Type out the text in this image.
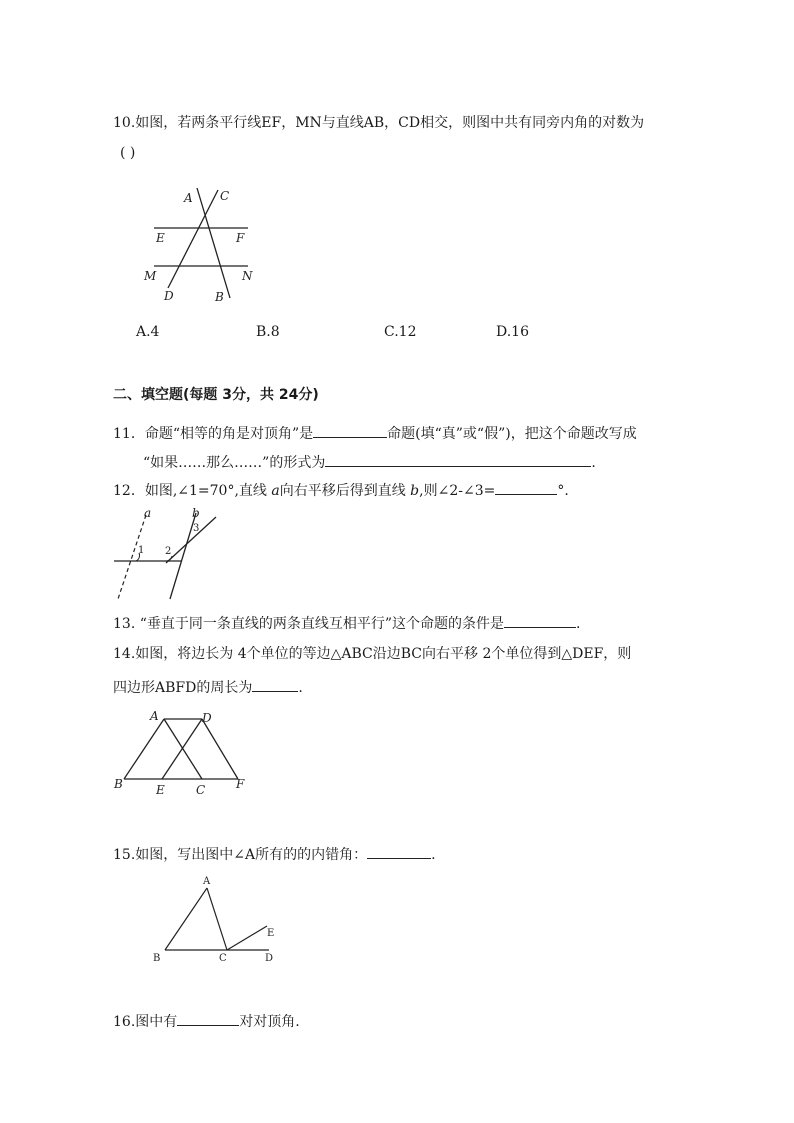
10.如图，若两条平行线EF，MN与直线AB，CD相交，则图中共有同旁内角的对数为
( )
A C
E	F
M	N
D	B
A.4	B.8	C.12	D.16
二、填空题(每题 3分，共 24分)
11．命题“相等的角是对顶角”是	命题(填“真”或“假”)，把这个命题改写成
“如果……那么……”的形式为	.
12．如图,∠1=70°,直线 a向右平移后得到直线 b,则∠2-∠3=	°.
a	b
1 2
3
13. “垂直于同一条直线的两条直线互相平行”这个命题的条件是	.
14.如图，将边长为 4个单位的等边△ABC沿边BC向右平移 2个单位得到△DEF，则
四边形ABFD的周长为	.
A	D
B	E	C	F
15.如图，写出图中∠A所有的的内错角：	.
A
B	C	D
E
16.图中有	对对顶角.
